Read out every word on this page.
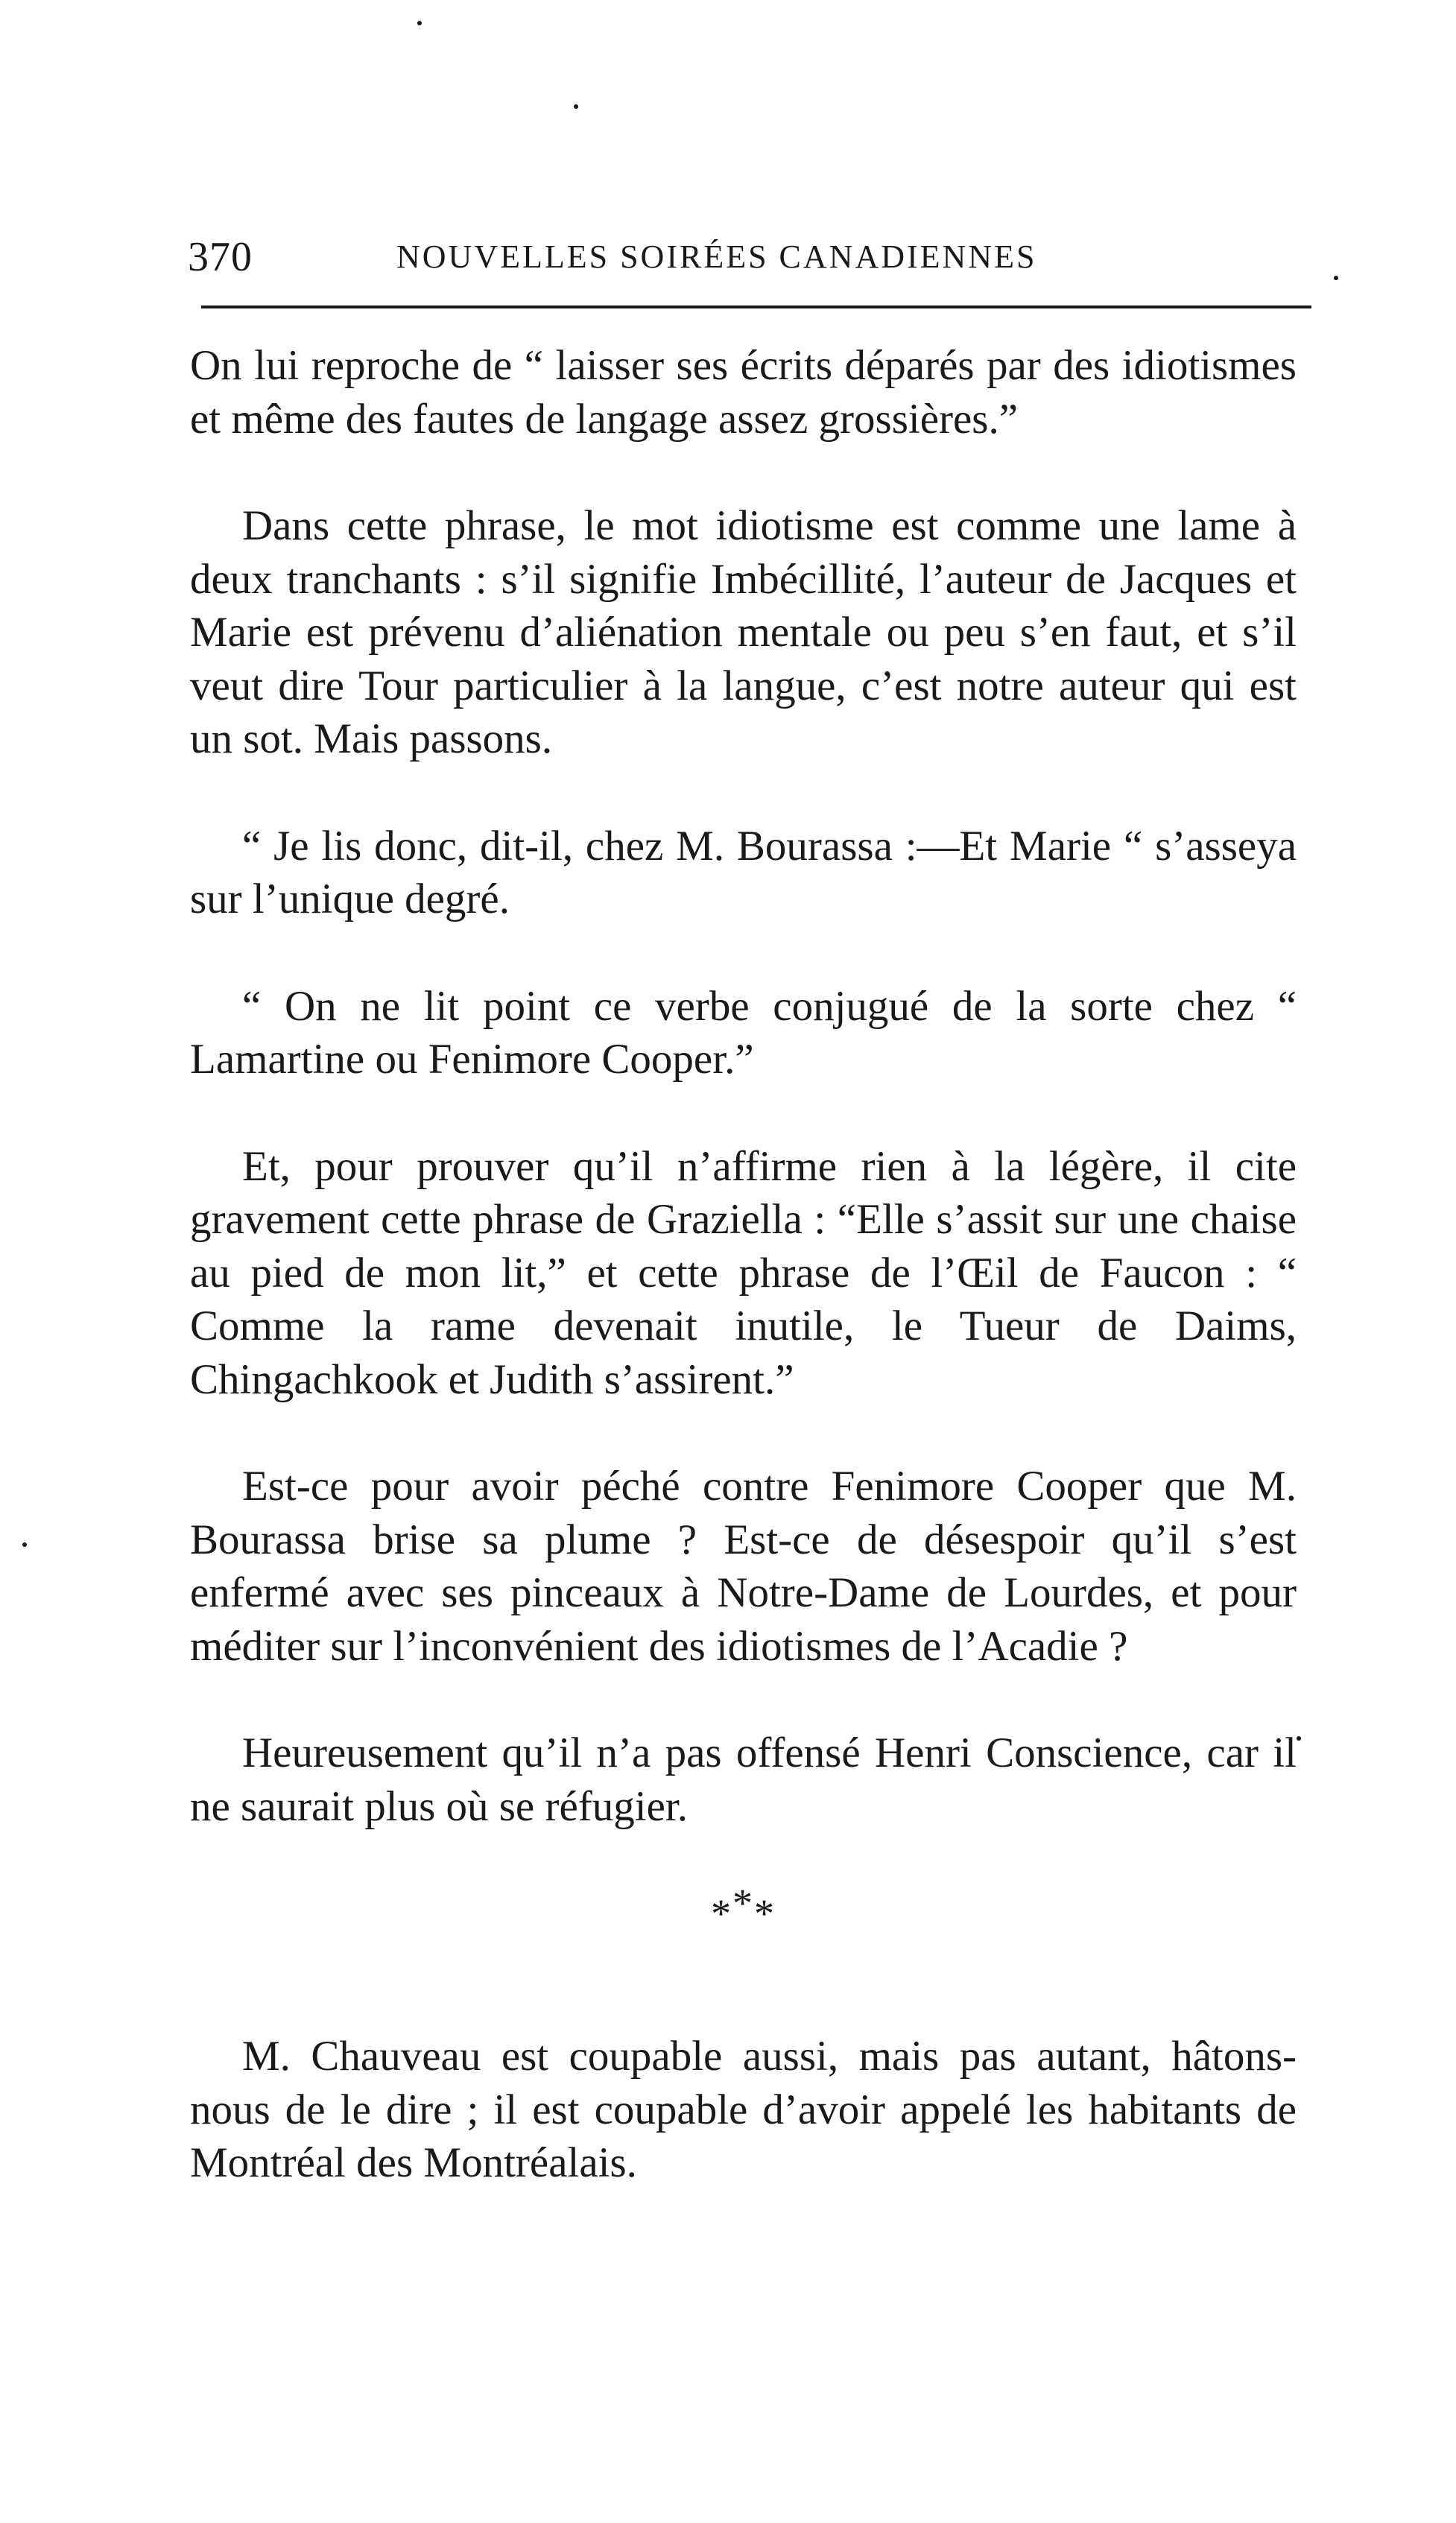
370	NOUVELLES SOIRÉES CANADIENNES

On lui reproche de “ laisser ses écrits déparés par des idiotismes et même des fautes de langage assez grossières.”

Dans cette phrase, le mot idiotisme est comme une lame à deux tranchants : s’il signifie Imbécillité, l’auteur de Jacques et Marie est prévenu d’aliénation mentale ou peu s’en faut, et s’il veut dire Tour particulier à la langue, c’est notre auteur qui est un sot. Mais passons.

“ Je lis donc, dit-il, chez M. Bourassa :—Et Marie “ s’asseya sur l’unique degré.

“ On ne lit point ce verbe conjugué de la sorte chez “ Lamartine ou Fenimore Cooper.”

Et, pour prouver qu’il n’affirme rien à la légère, il cite gravement cette phrase de Graziella : “Elle s’assit sur une chaise au pied de mon lit,” et cette phrase de l’Œil de Faucon : “ Comme la rame devenait inutile, le Tueur de Daims, Chingachkook et Judith s’assirent.”

Est-ce pour avoir péché contre Fenimore Cooper que M. Bourassa brise sa plume ? Est-ce de désespoir qu’il s’est enfermé avec ses pinceaux à Notre-Dame de Lourdes, et pour méditer sur l’inconvénient des idiotismes de l’Acadie ?

Heureusement qu’il n’a pas offensé Henri Conscience, car il ne saurait plus où se réfugier.

***

M. Chauveau est coupable aussi, mais pas autant, hâtons-nous de le dire ; il est coupable d’avoir appelé les habitants de Montréal des Montréalais.
